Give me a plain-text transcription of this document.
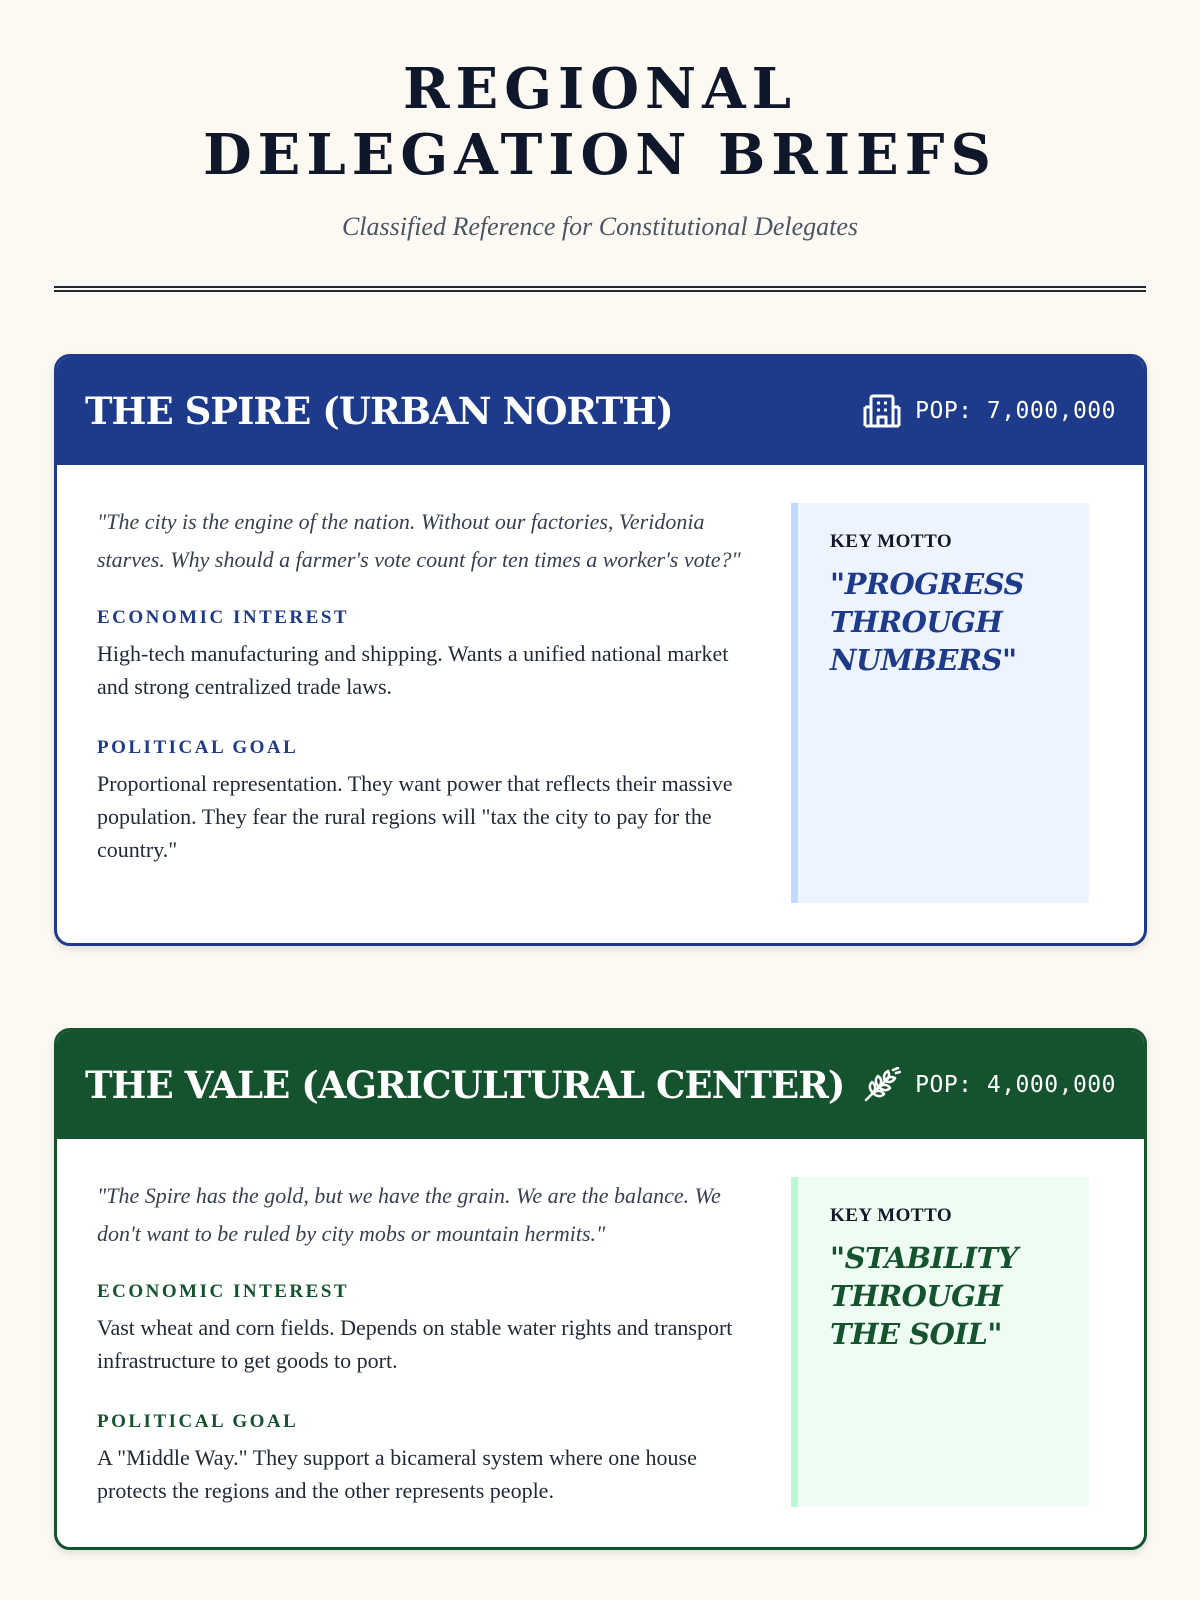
REGIONAL DELEGATION BRIEFS
Classified Reference for Constitutional Delegates
THE SPIRE (URBAN NORTH)	POP: 7,000,000

"The city is the engine of the nation. Without our factories, Veridonia starves. Why should a farmer's vote count for ten times a worker's vote?"

ECONOMIC INTEREST

High-tech manufacturing and shipping. Wants a unified national market and strong centralized trade laws.

POLITICAL GOAL

Proportional representation. They want power that reflects their massive population. They fear the rural regions will "tax the city to pay for the country."

KEY MOTTO
"PROGRESS THROUGH NUMBERS"
THE VALE (AGRICULTURAL CENTER)	POP: 4,000,000

"The Spire has the gold, but we have the grain. We are the balance. We don't want to be ruled by city mobs or mountain hermits."

ECONOMIC INTEREST

Vast wheat and corn fields. Depends on stable water rights and transport infrastructure to get goods to port.

POLITICAL GOAL

A "Middle Way." They support a bicameral system where one house protects the regions and the other represents people.

KEY MOTTO
"STABILITY THROUGH THE SOIL"
